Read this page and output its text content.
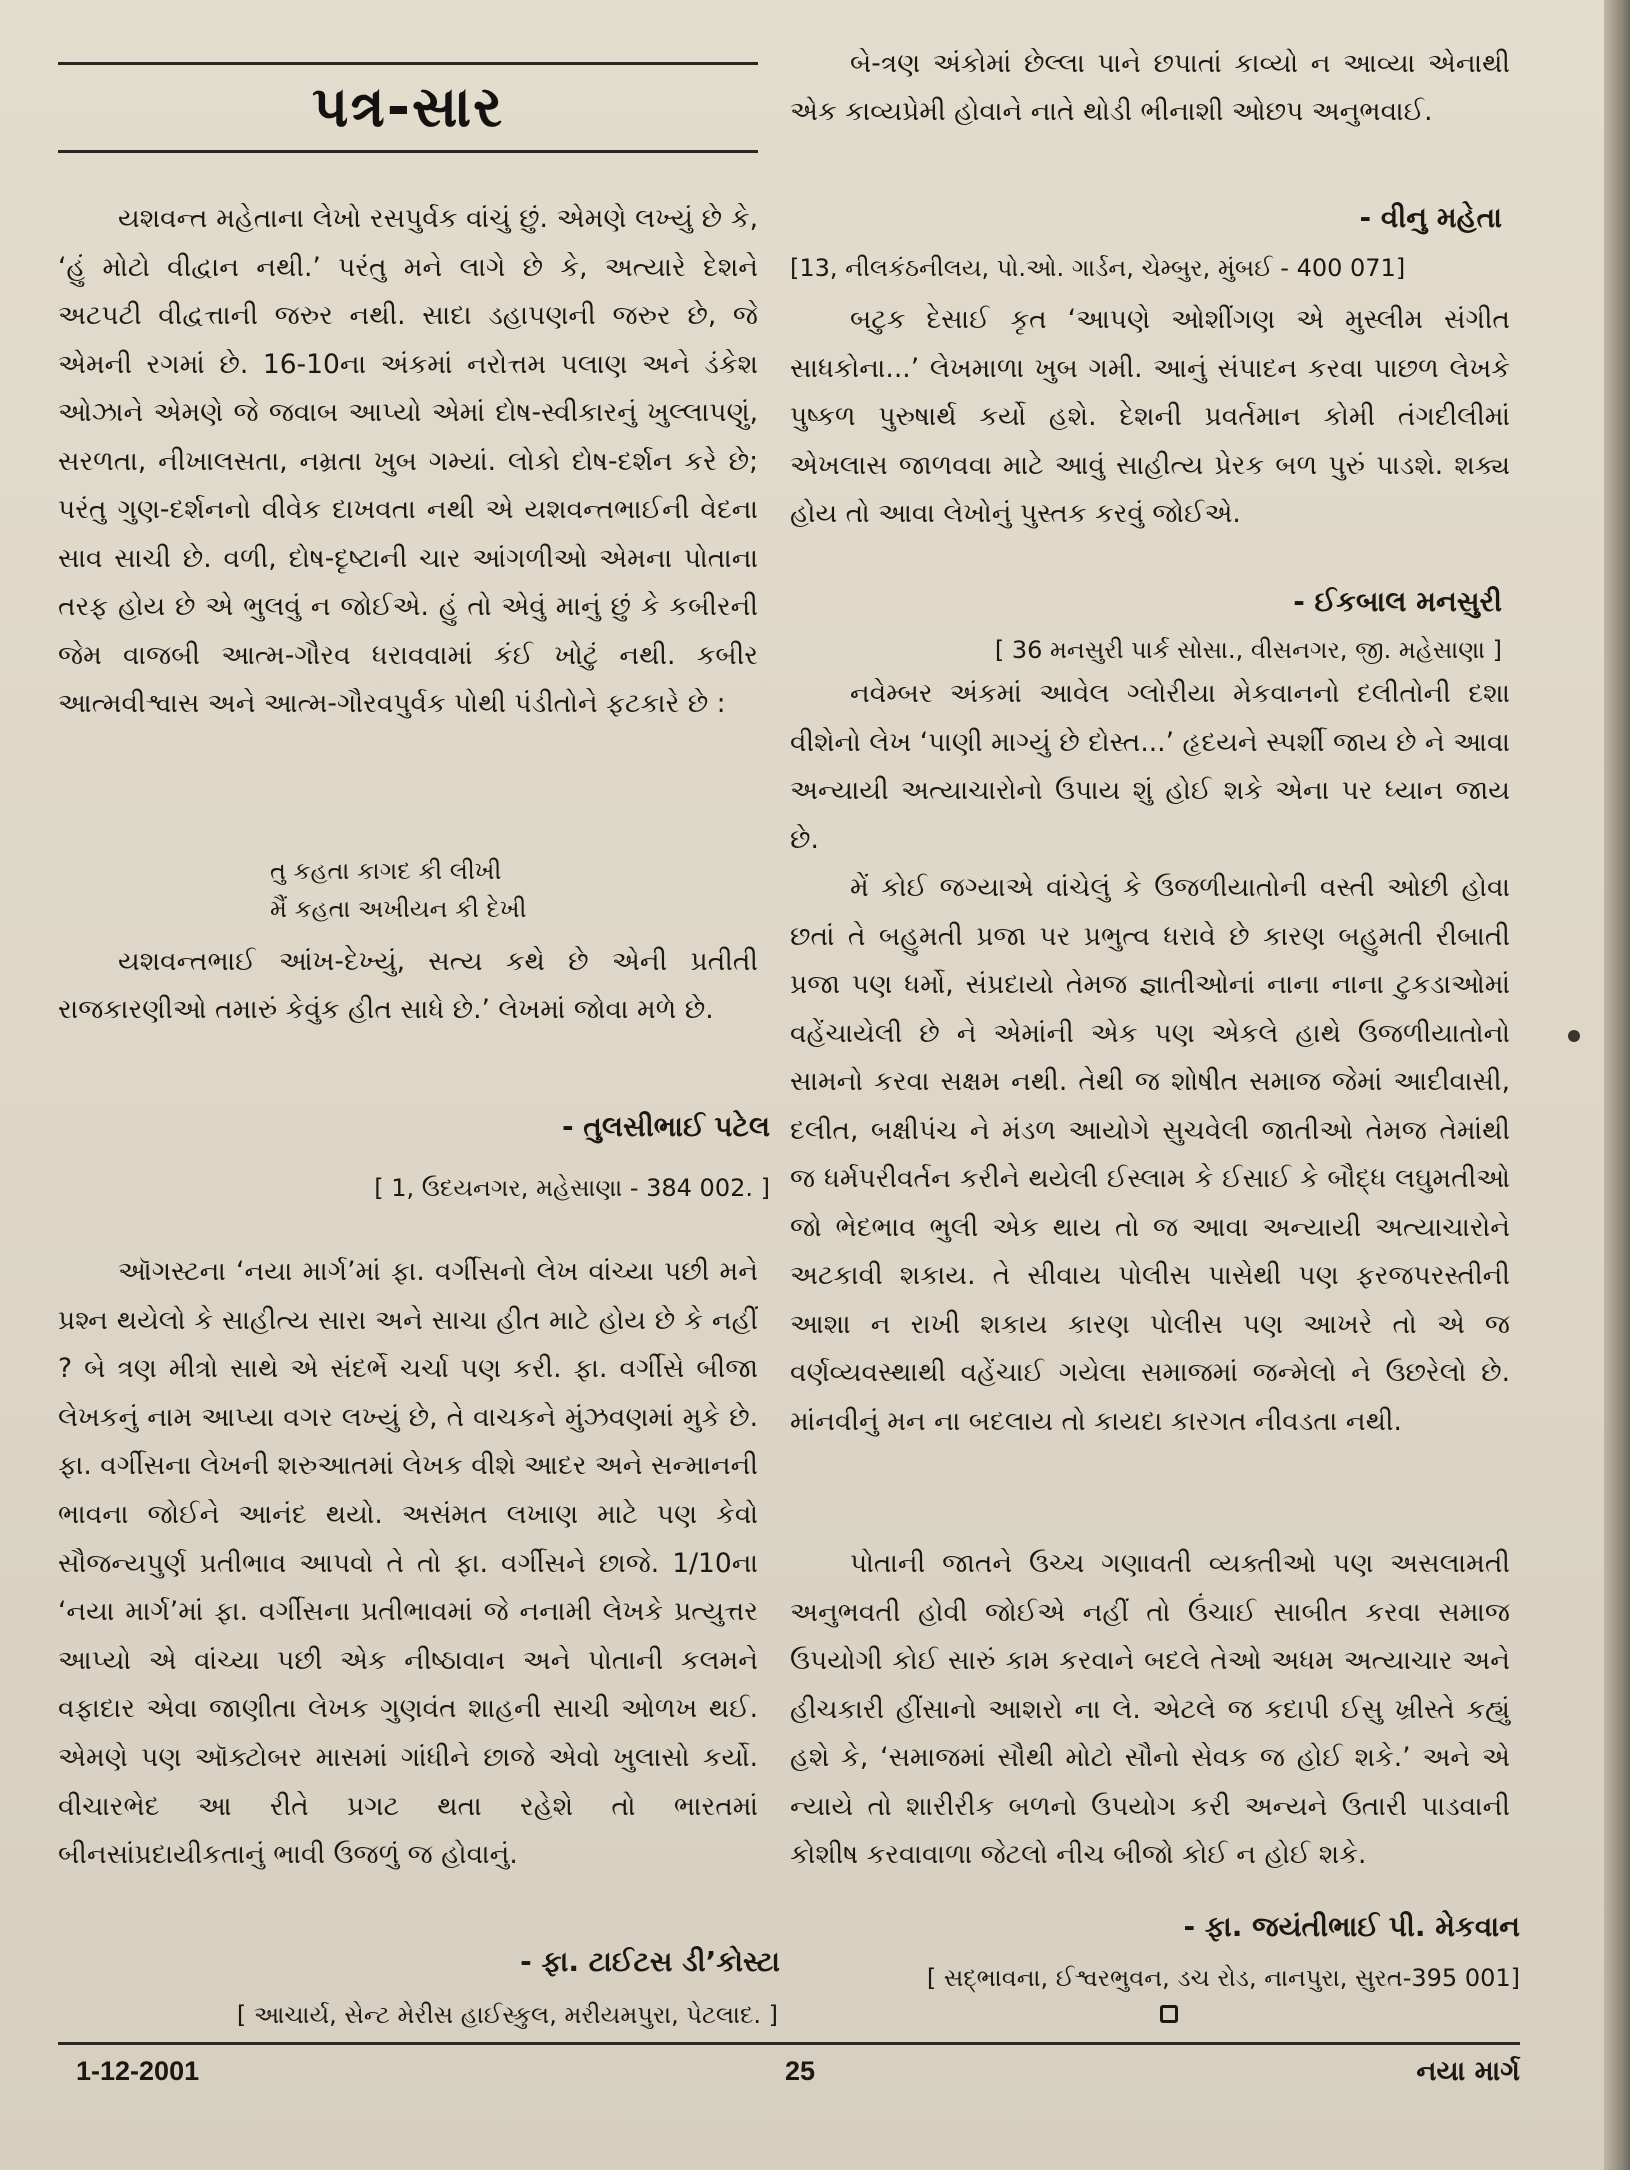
પત્ર-સાર

યશવન્ત મહેતાના લેખો રસપુર્વક વાંચું છું. એમણે લખ્યું છે કે, ‘હું મોટો વીદ્વાન નથી.’ પરંતુ મને લાગે છે કે, અત્યારે દેશને અટપટી વીદ્વત્તાની જરુર નથી. સાદા ડહાપણની જરુર છે, જે એમની રગમાં છે. 16-10ના અંકમાં નરોત્તમ પલાણ અને ડંકેશ ઓઝાને એમણે જે જવાબ આપ્યો એમાં દોષ-સ્વીકારનું ખુલ્લાપણું, સરળતા, નીખાલસતા, નમ્રતા ખુબ ગમ્યાં. લોકો દોષ-દર્શન કરે છે; પરંતુ ગુણ-દર્શનનો વીવેક દાખવતા નથી એ યશવન્તભાઈની વેદના સાવ સાચી છે. વળી, દોષ-દૃષ્ટાની ચાર આંગળીઓ એમના પોતાના તરફ હોય છે એ ભુલવું ન જોઈએ. હું તો એવું માનું છું કે કબીરની જેમ વાજબી આત્મ-ગૌરવ ધરાવવામાં કંઈ ખોટું નથી. કબીર આત્મવીશ્વાસ અને આત્મ-ગૌરવપુર્વક પોથી પંડીતોને ફટકારે છે :

તુ કહતા કાગદ કી લીખી
મૈં કહતા અખીયન કી દેખી

યશવન્તભાઈ આંખ-દેખ્યું, સત્ય કથે છે એની પ્રતીતી રાજકારણીઓ તમારું કેવુંક હીત સાધે છે.’ લેખમાં જોવા મળે છે.

- તુલસીભાઈ પટેલ
[ 1, ઉદયનગર, મહેસાણા - 384 002. ]

ઑગસ્ટના ‘નયા માર્ગ’માં ફા. વર્ગીસનો લેખ વાંચ્યા પછી મને પ્રશ્ન થયેલો કે સાહીત્ય સારા અને સાચા હીત માટે હોય છે કે નહીં ? બે ત્રણ મીત્રો સાથે એ સંદર્ભે ચર્ચા પણ કરી. ફા. વર્ગીસે બીજા લેખકનું નામ આપ્યા વગર લખ્યું છે, તે વાચકને મુંઝવણમાં મુકે છે. ફા. વર્ગીસના લેખની શરુઆતમાં લેખક વીશે આદર અને સન્માનની ભાવના જોઈને આનંદ થયો. અસંમત લખાણ માટે પણ કેવો સૌજન્યપુર્ણ પ્રતીભાવ આપવો તે તો ફા. વર્ગીસને છાજે. 1/10ના ‘નયા માર્ગ’માં ફા. વર્ગીસના પ્રતીભાવમાં જે નનામી લેખકે પ્રત્યુત્તર આપ્યો એ વાંચ્યા પછી એક નીષ્ઠાવાન અને પોતાની કલમને વફાદાર એવા જાણીતા લેખક ગુણવંત શાહની સાચી ઓળખ થઈ. એમણે પણ ઑક્ટોબર માસમાં ગાંધીને છાજે એવો ખુલાસો કર્યો. વીચારભેદ આ રીતે પ્રગટ થતા રહેશે તો ભારતમાં બીનસાંપ્રદાયીકતાનું ભાવી ઉજળું જ હોવાનું.

- ફા. ટાઈટસ ડી’કોસ્ટા
[ આચાર્ય, સેન્ટ મેરીસ હાઈસ્કુલ, મરીયમપુરા, પેટલાદ. ]

બે-ત્રણ અંકોમાં છેલ્લા પાને છપાતાં કાવ્યો ન આવ્યા એનાથી એક કાવ્યપ્રેમી હોવાને નાતે થોડી ભીનાશી ઓછપ અનુભવાઈ.

- વીનુ મહેતા
[13, નીલકંઠનીલય, પો.ઓ. ગાર્ડન, ચેમ્બુર, મુંબઈ - 400 071]

બટુક દેસાઈ કૃત ‘આપણે ઓશીંગણ એ મુસ્લીમ સંગીત સાધકોના...’ લેખમાળા ખુબ ગમી. આનું સંપાદન કરવા પાછળ લેખકે પુષ્કળ પુરુષાર્થ કર્યો હશે. દેશની પ્રવર્તમાન કોમી તંગદીલીમાં એખલાસ જાળવવા માટે આવું સાહીત્ય પ્રેરક બળ પુરું પાડશે. શક્ય હોય તો આવા લેખોનું પુસ્તક કરવું જોઈએ.

- ઈકબાલ મનસુરી
[ 36 મનસુરી પાર્ક સોસા., વીસનગર, જી. મહેસાણા ]

નવેમ્બર અંકમાં આવેલ ગ્લોરીયા મેકવાનનો દલીતોની દશા વીશેનો લેખ ‘પાણી માગ્યું છે દોસ્ત...’ હૃદયને સ્પર્શી જાય છે ને આવા અન્યાયી અત્યાચારોનો ઉપાય શું હોઈ શકે એના પર ધ્યાન જાય છે.

મેં કોઈ જગ્યાએ વાંચેલું કે ઉજળીયાતોની વસ્તી ઓછી હોવા છતાં તે બહુમતી પ્રજા પર પ્રભુત્વ ધરાવે છે કારણ બહુમતી રીબાતી પ્રજા પણ ધર્મો, સંપ્રદાયો તેમજ જ્ઞાતીઓનાં નાના નાના ટુકડાઓમાં વહેંચાયેલી છે ને એમાંની એક પણ એકલે હાથે ઉજળીયાતોનો સામનો કરવા સક્ષમ નથી. તેથી જ શોષીત સમાજ જેમાં આદીવાસી, દલીત, બક્ષીપંચ ને મંડળ આયોગે સુચવેલી જાતીઓ તેમજ તેમાંથી જ ધર્મપરીવર્તન કરીને થયેલી ઈસ્લામ કે ઈસાઈ કે બૌદ્ધ લઘુમતીઓ જો ભેદભાવ ભુલી એક થાય તો જ આવા અન્યાયી અત્યાચારોને અટકાવી શકાય. તે સીવાય પોલીસ પાસેથી પણ ફરજપરસ્તીની આશા ન રાખી શકાય કારણ પોલીસ પણ આખરે તો એ જ વર્ણવ્યવસ્થાથી વહેંચાઈ ગયેલા સમાજમાં જન્મેલો ને ઉછરેલો છે. માંનવીનું મન ના બદલાય તો કાયદા કારગત નીવડતા નથી.

પોતાની જાતને ઉચ્ચ ગણાવતી વ્યક્તીઓ પણ અસલામતી અનુભવતી હોવી જોઈએ નહીં તો ઉંચાઈ સાબીત કરવા સમાજ ઉપયોગી કોઈ સારું કામ કરવાને બદલે તેઓ અધમ અત્યાચાર અને હીચકારી હીંસાનો આશરો ના લે. એટલે જ કદાપી ઈસુ ખ્રીસ્તે કહ્યું હશે કે, ‘સમાજમાં સૌથી મોટો સૌનો સેવક જ હોઈ શકે.’ અને એ ન્યાયે તો શારીરીક બળનો ઉપયોગ કરી અન્યને ઉતારી પાડવાની કોશીષ કરવાવાળા જેટલો નીચ બીજો કોઈ ન હોઈ શકે.

- ફા. જયંતીભાઈ પી. મેકવાન
[ સદ્ભાવના, ઈશ્વરભુવન, ડચ રોડ, નાનપુરા, સુરત-395 001]
1-12-2001	25	નયા માર્ગ
